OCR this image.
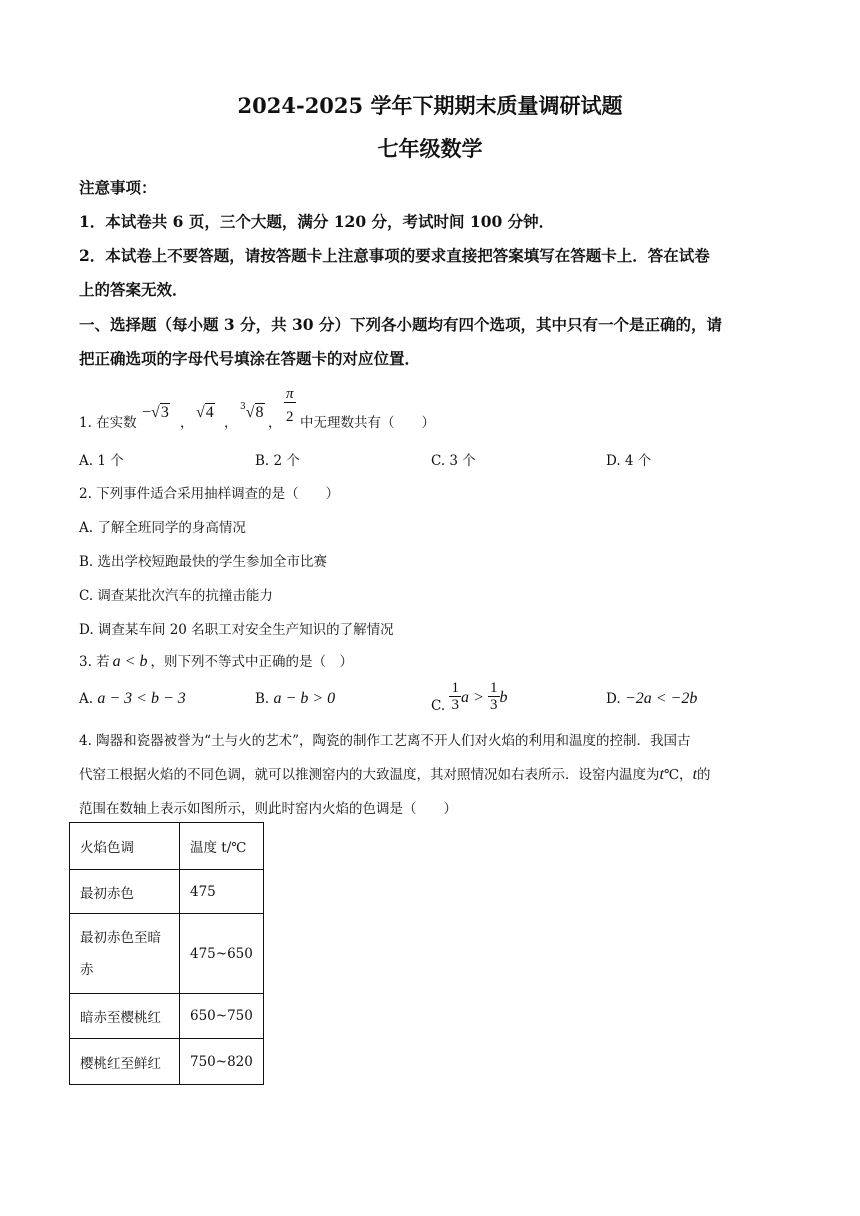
2024-2025 学年下期期末质量调研试题
七年级数学
注意事项：
1．本试卷共 6 页，三个大题，满分 120 分，考试时间 100 分钟．
2．本试卷上不要答题，请按答题卡上注意事项的要求直接把答案填写在答题卡上．答在试卷
上的答案无效．
一、选择题（每小题 3 分，共 30 分）下列各小题均有四个选项，其中只有一个是正确的，请
把正确选项的字母代号填涂在答题卡的对应位置．
1. 在实数
−√3
，
√4
，
$^3$√8
， $\frac{\pi}{2}$ 中无理数共有（　　）
A. 1 个	B. 2 个	C. 3 个	D. 4 个
2. 下列事件适合采用抽样调查的是（　　）
A. 了解全班同学的身高情况
B. 选出学校短跑最快的学生参加全市比赛
C. 调查某批次汽车的抗撞击能力
D. 调查某车间 20 名职工对安全生产知识的了解情况
3. 若 a < b ，则下列不等式中正确的是（　）
A. a − 3 < b − 3	B. a − b > 0	C. $\frac{1}{3}$ $a > \frac{1}{3}$ b	D. −2a < −2b
4. 陶器和瓷器被誉为“土与火的艺术”，陶瓷的制作工艺离不开人们对火焰的利用和温度的控制．我国古
代窑工根据火焰的不同色调，就可以推测窑内的大致温度，其对照情况如右表所示．设窑内温度为t℃，t的
范围在数轴上表示如图所示，则此时窑内火焰的色调是（　　）
火焰色调	温度 t/℃
最初赤色	475
最初赤色至暗赤	475~650
暗赤至樱桃红	650~750
樱桃红至鲜红	750~820
